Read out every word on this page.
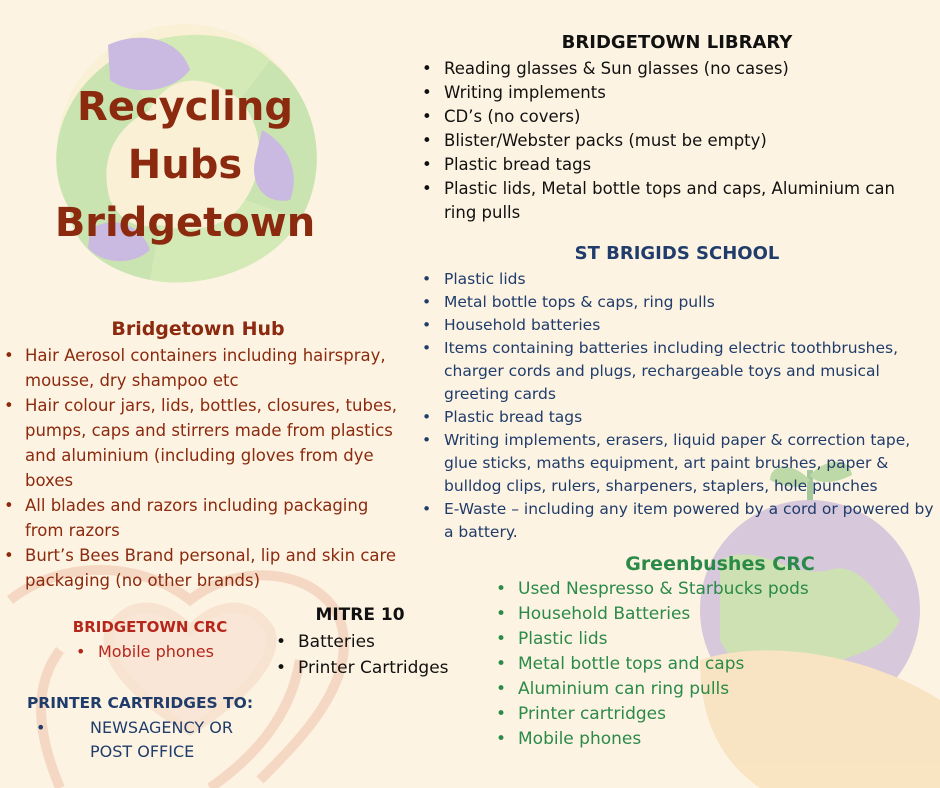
Recycling
Hubs
Bridgetown
BRIDGETOWN LIBRARY
• Reading glasses & Sun glasses (no cases)
• Writing implements
• CD’s (no covers)
• Blister/Webster packs (must be empty)
• Plastic bread tags
• Plastic lids, Metal bottle tops and caps, Aluminium can ring pulls
ST BRIGIDS SCHOOL
• Plastic lids
• Metal bottle tops & caps, ring pulls
• Household batteries
• Items containing batteries including electric toothbrushes, charger cords and plugs, rechargeable toys and musical greeting cards
• Plastic bread tags
• Writing implements, erasers, liquid paper & correction tape, glue sticks, maths equipment, art paint brushes, paper & bulldog clips, rulers, sharpeners, staplers, hole punches
• E-Waste – including any item powered by a cord or powered by a battery.
Bridgetown Hub
• Hair Aerosol containers including hairspray, mousse, dry shampoo etc
• Hair colour jars, lids, bottles, closures, tubes, pumps, caps and stirrers made from plastics and aluminium (including gloves from dye boxes
• All blades and razors including packaging from razors
• Burt’s Bees Brand personal, lip and skin care packaging (no other brands)
Greenbushes CRC
• Used Nespresso & Starbucks pods
• Household Batteries
• Plastic lids
• Metal bottle tops and caps
• Aluminium can ring pulls
• Printer cartridges
• Mobile phones
MITRE 10
• Batteries
• Printer Cartridges
BRIDGETOWN CRC
• Mobile phones
PRINTER CARTRIDGES TO:
• NEWSAGENCY OR POST OFFICE
